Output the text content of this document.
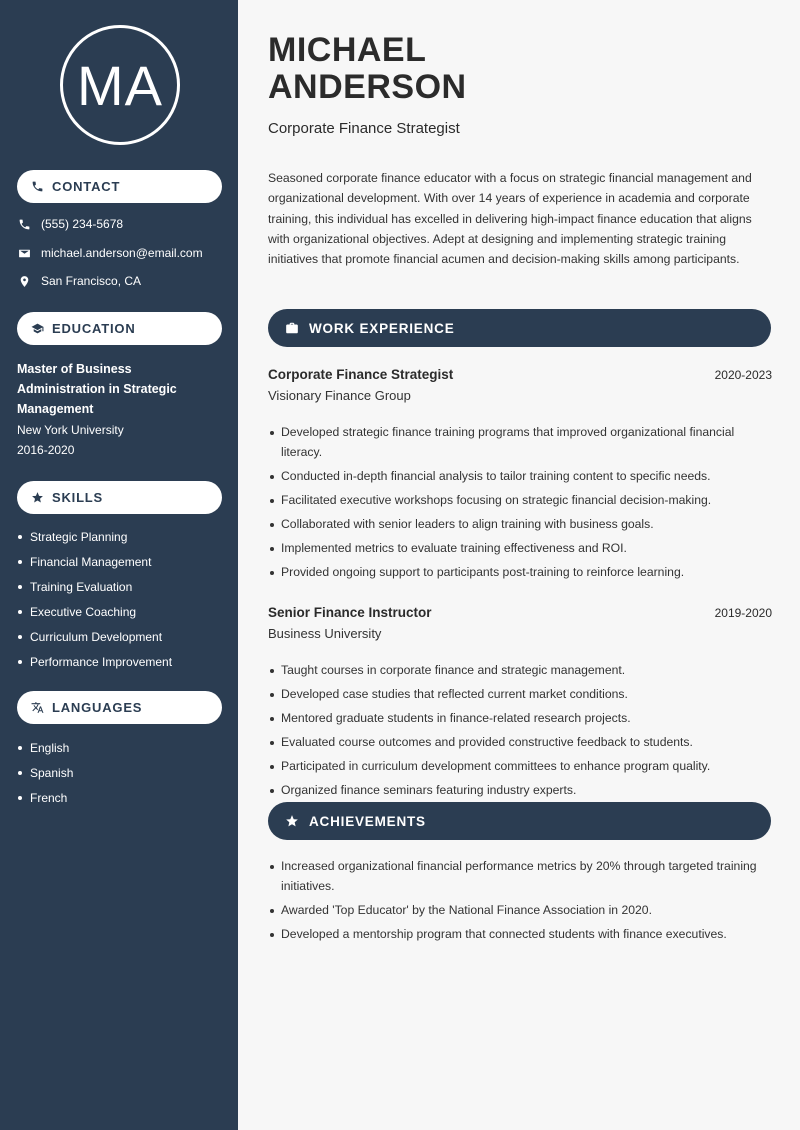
MA
CONTACT
(555) 234-5678
michael.anderson@email.com
San Francisco, CA
EDUCATION
Master of Business Administration in Strategic Management
New York University
2016-2020
SKILLS
Strategic Planning
Financial Management
Training Evaluation
Executive Coaching
Curriculum Development
Performance Improvement
LANGUAGES
English
Spanish
French
MICHAEL
ANDERSON
Corporate Finance Strategist

Seasoned corporate finance educator with a focus on strategic financial management and organizational development. With over 14 years of experience in academia and corporate training, this individual has excelled in delivering high-impact finance education that aligns with organizational objectives. Adept at designing and implementing strategic training initiatives that promote financial acumen and decision-making skills among participants.

WORK EXPERIENCE
Corporate Finance Strategist	2020-2023
Visionary Finance Group
Developed strategic finance training programs that improved organizational financial literacy.
Conducted in-depth financial analysis to tailor training content to specific needs.
Facilitated executive workshops focusing on strategic financial decision-making.
Collaborated with senior leaders to align training with business goals.
Implemented metrics to evaluate training effectiveness and ROI.
Provided ongoing support to participants post-training to reinforce learning.
Senior Finance Instructor	2019-2020
Business University
Taught courses in corporate finance and strategic management.
Developed case studies that reflected current market conditions.
Mentored graduate students in finance-related research projects.
Evaluated course outcomes and provided constructive feedback to students.
Participated in curriculum development committees to enhance program quality.
Organized finance seminars featuring industry experts.
ACHIEVEMENTS
Increased organizational financial performance metrics by 20% through targeted training initiatives.
Awarded 'Top Educator' by the National Finance Association in 2020.
Developed a mentorship program that connected students with finance executives.
